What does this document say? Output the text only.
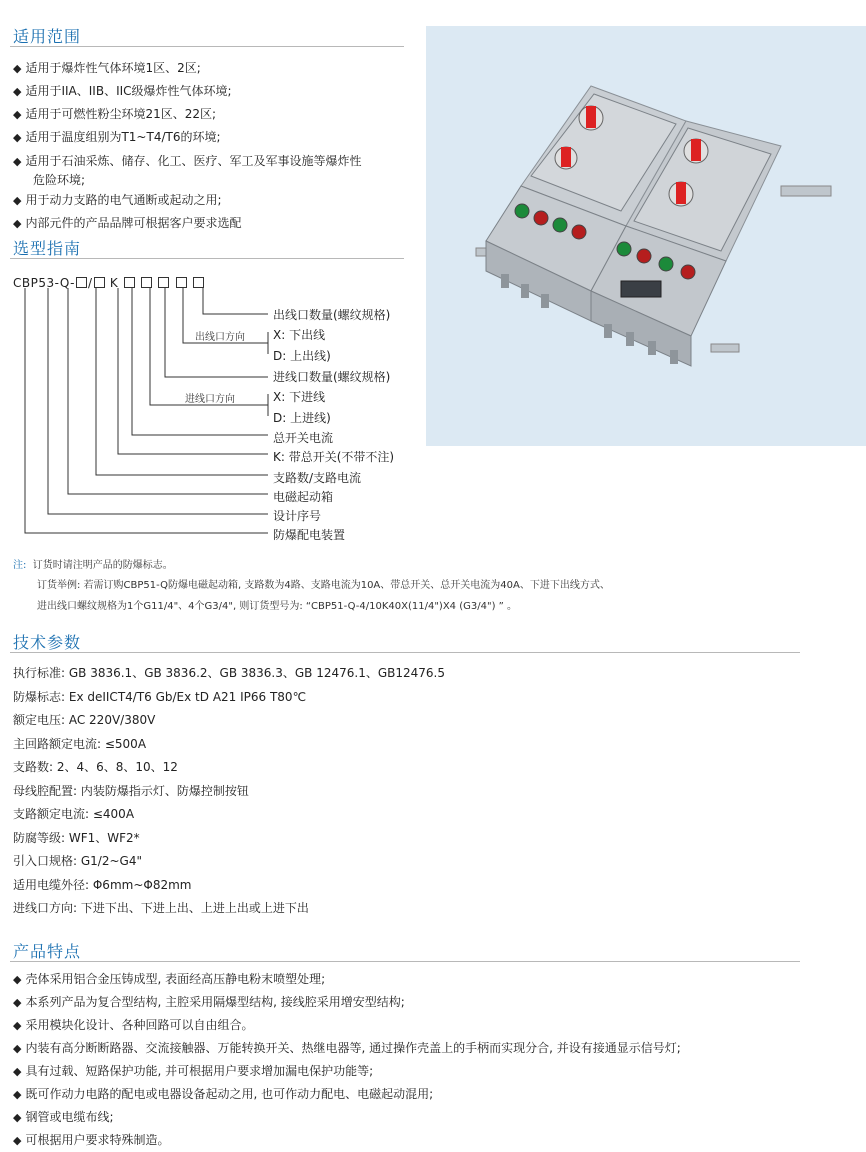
适用范围
◆ 适用于爆炸性气体环境1区、2区;
◆ 适用于IIA、IIB、IIC级爆炸性气体环境;
◆ 适用于可燃性粉尘环境21区、22区;
◆ 适用于温度组别为T1~T4/T6的环境;
◆ 适用于石油采炼、储存、化工、医疗、军工及军事设施等爆炸性
危险环境;
◆ 用于动力支路的电气通断或起动之用;
◆ 内部元件的产品品牌可根据客户要求选配
选型指南
CBP53-Q- / K
出线口数量(螺纹规格)
出线口方向 X: 下出线
D: 上出线)
进线口数量(螺纹规格)
进线口方向	X: 下进线
D: 上进线)
总开关电流
K: 带总开关(不带不注)
支路数/支路电流
电磁起动箱
设计序号
防爆配电装置
注: 订货时请注明产品的防爆标志。
订货举例: 若需订购CBP51-Q防爆电磁起动箱, 支路数为4路、支路电流为10A、带总开关、总开关电流为40A、下进下出线方式、
进出线口螺纹规格为1个G11/4"、4个G3/4", 则订货型号为: “CBP51-Q-4/10K40X(11/4")X4 (G3/4") ” 。
技术参数
执行标准: GB 3836.1、GB 3836.2、GB 3836.3、GB 12476.1、GB12476.5
防爆标志: Ex deIICT4/T6 Gb/Ex tD A21 IP66 T80℃
额定电压: AC 220V/380V
主回路额定电流: ≤500A
支路数: 2、4、6、8、10、12
母线腔配置: 内装防爆指示灯、防爆控制按钮
支路额定电流: ≤400A
防腐等级: WF1、WF2*
引入口规格: G1/2~G4"
适用电缆外径: Φ6mm~Φ82mm
进线口方向: 下进下出、下进上出、上进上出或上进下出
产品特点
◆ 壳体采用铝合金压铸成型, 表面经高压静电粉末喷塑处理;
◆ 本系列产品为复合型结构, 主腔采用隔爆型结构, 接线腔采用增安型结构;
◆ 采用模块化设计、各种回路可以自由组合。
◆ 内装有高分断断路器、交流接触器、万能转换开关、热继电器等, 通过操作壳盖上的手柄而实现分合, 并设有接通显示信号灯;
◆ 具有过载、短路保护功能, 并可根据用户要求增加漏电保护功能等;
◆ 既可作动力电路的配电或电器设备起动之用, 也可作动力配电、电磁起动混用;
◆ 钢管或电缆布线;
◆ 可根据用户要求特殊制造。
